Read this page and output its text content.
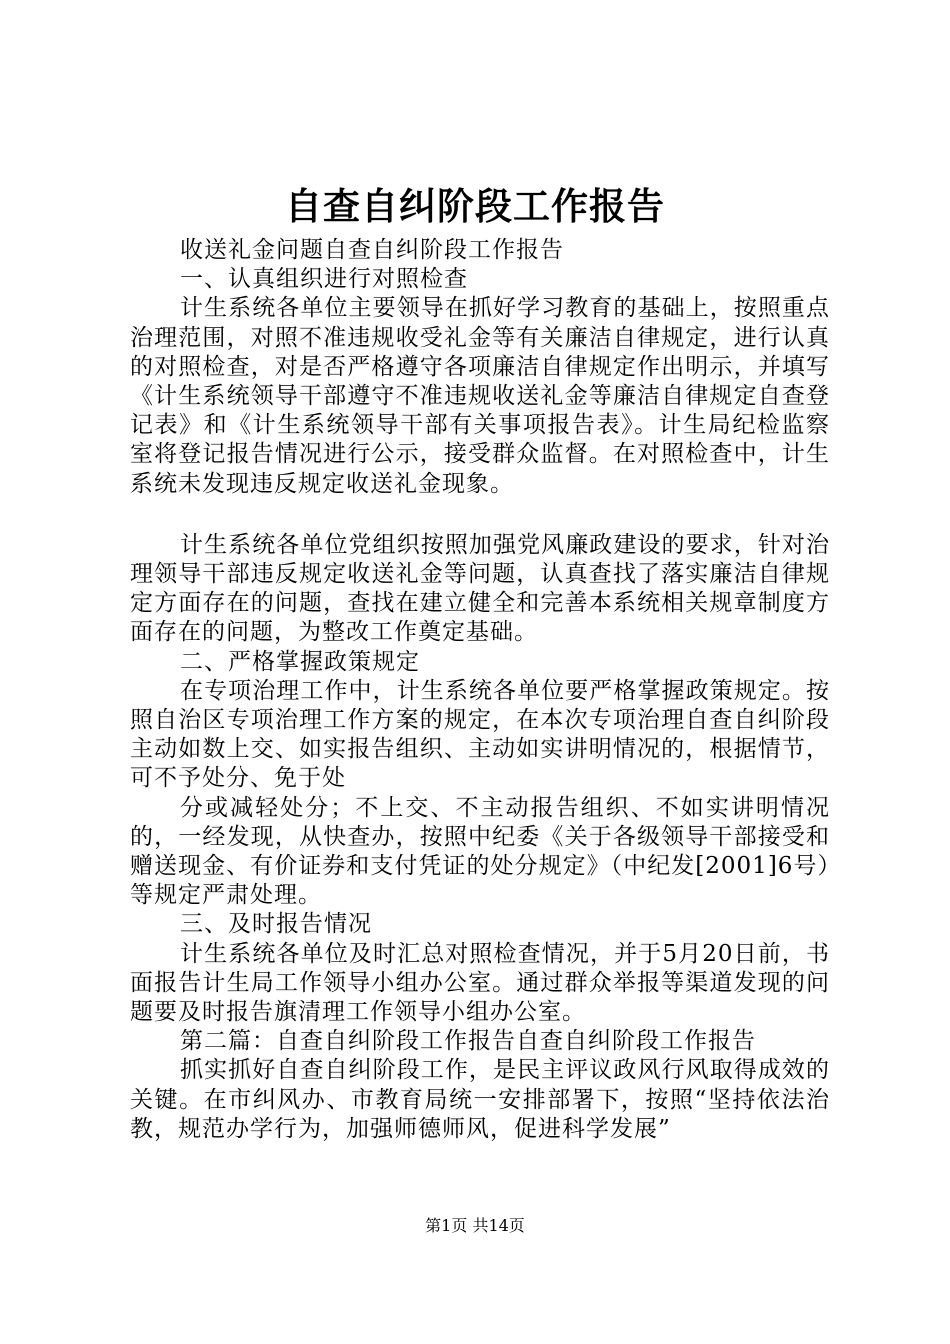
自查自纠阶段工作报告

收送礼金问题自查自纠阶段工作报告

一、认真组织进行对照检查

计生系统各单位主要领导在抓好学习教育的基础上，按照重点治理范围，对照不准违规收受礼金等有关廉洁自律规定，进行认真的对照检查，对是否严格遵守各项廉洁自律规定作出明示，并填写《计生系统领导干部遵守不准违规收送礼金等廉洁自律规定自查登记表》和《计生系统领导干部有关事项报告表》。计生局纪检监察室将登记报告情况进行公示，接受群众监督。在对照检查中，计生系统未发现违反规定收送礼金现象。

计生系统各单位党组织按照加强党风廉政建设的要求，针对治理领导干部违反规定收送礼金等问题，认真查找了落实廉洁自律规定方面存在的问题，查找在建立健全和完善本系统相关规章制度方面存在的问题，为整改工作奠定基础。

二、严格掌握政策规定

在专项治理工作中，计生系统各单位要严格掌握政策规定。按照自治区专项治理工作方案的规定，在本次专项治理自查自纠阶段主动如数上交、如实报告组织、主动如实讲明情况的，根据情节，可不予处分、免于处

分或减轻处分；不上交、不主动报告组织、不如实讲明情况的，一经发现，从快查办，按照中纪委《关于各级领导干部接受和赠送现金、有价证券和支付凭证的处分规定》（中纪发[2001]6号）等规定严肃处理。

三、及时报告情况

计生系统各单位及时汇总对照检查情况，并于5月20日前，书面报告计生局工作领导小组办公室。通过群众举报等渠道发现的问题要及时报告旗清理工作领导小组办公室。

第二篇：自查自纠阶段工作报告自查自纠阶段工作报告

抓实抓好自查自纠阶段工作，是民主评议政风行风取得成效的关键。在市纠风办、市教育局统一安排部署下，按照“坚持依法治教，规范办学行为，加强师德师风，促进科学发展”

第1页 共14页
